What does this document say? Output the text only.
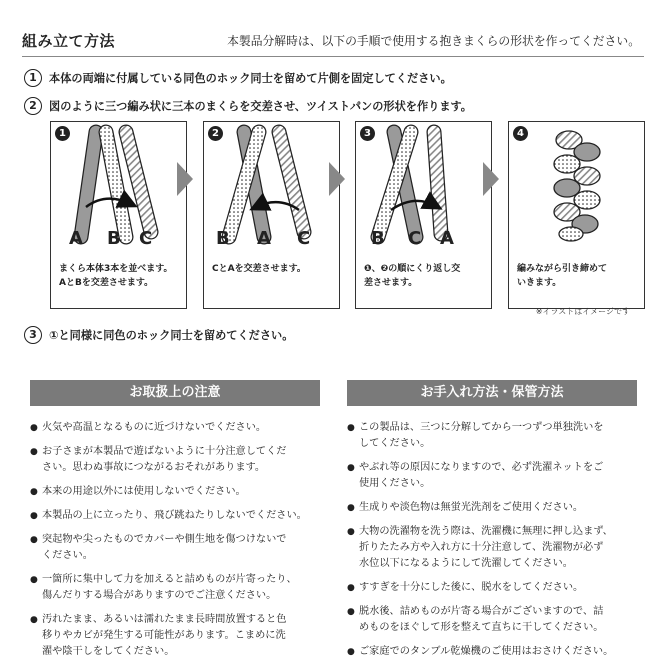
組み立て方法	本製品分解時は、以下の手順で使用する抱きまくらの形状を作ってください。
1 本体の両端に付属している同色のホック同士を留めて片側を固定してください。
2 図のように三つ編み状に三本のまくらを交差させ、ツイストパンの形状を作ります。
1
A B C
まくら本体3本を並べます。
AとBを交差させます。
2
B A C
CとAを交差させます。
3
B C A
❶、❷の順にくり返し交
差させます。
4
編みながら引き締めて
いきます。
※イラストはイメージです
3 ①と同様に同色のホック同士を留めてください。
お取扱上の注意
● 火気や高温となるものに近づけないでください。
● お子さまが本製品で遊ばないように十分注意してくだ
さい。思わぬ事故につながるおそれがあります。
● 本来の用途以外には使用しないでください。
● 本製品の上に立ったり、飛び跳ねたりしないでください。
● 突起物や尖ったものでカバーや側生地を傷つけないで
ください。
● 一箇所に集中して力を加えると詰めものが片寄ったり、
傷んだりする場合がありますのでご注意ください。
● 汚れたまま、あるいは濡れたまま長時間放置すると色
移りやカビが発生する可能性があります。こまめに洗
濯や陰干しをしてください。
お手入れ方法・保管方法
● この製品は、三つに分解してから一つずつ単独洗いを
してください。
● やぶれ等の原因になりますので、必ず洗濯ネットをご
使用ください。
● 生成りや淡色物は無蛍光洗剤をご使用ください。
● 大物の洗濯物を洗う際は、洗濯機に無理に押し込まず、
折りたたみ方や入れ方に十分注意して、洗濯物が必ず
水位以下になるようにして洗濯してください。
● すすぎを十分にした後に、脱水をしてください。
● 脱水後、詰めものが片寄る場合がございますので、詰
めものをほぐして形を整えて直ちに干してください。
● ご家庭でのタンブル乾燥機のご使用はおさけください。
